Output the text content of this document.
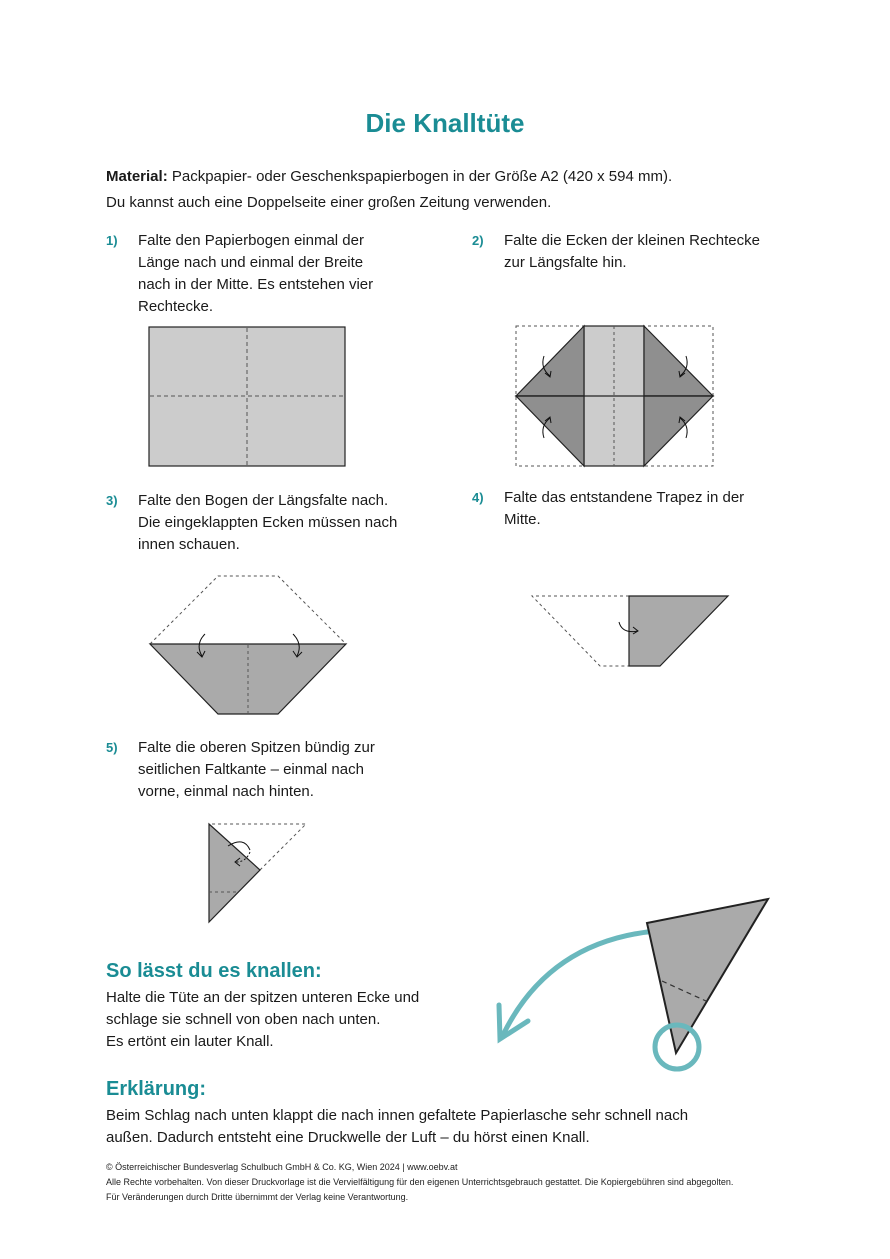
Die Knalltüte
Material: Packpapier- oder Geschenkspapierbogen in der Größe A2 (420 x 594 mm).
Du kannst auch eine Doppelseite einer großen Zeitung verwenden.
1) Falte den Papierbogen einmal der
Länge nach und einmal der Breite
nach in der Mitte. Es entstehen vier
Rechtecke.
2) Falte die Ecken der kleinen Rechtecke
zur Längsfalte hin.
3) Falte den Bogen der Längsfalte nach.
Die eingeklappten Ecken müssen nach
innen schauen.
4) Falte das entstandene Trapez in der
Mitte.
5) Falte die oberen Spitzen bündig zur
seitlichen Faltkante – einmal nach
vorne, einmal nach hinten.
So lässt du es knallen:
Halte die Tüte an der spitzen unteren Ecke und
schlage sie schnell von oben nach unten.
Es ertönt ein lauter Knall.
Erklärung:
Beim Schlag nach unten klappt die nach innen gefaltete Papierlasche sehr schnell nach
außen. Dadurch entsteht eine Druckwelle der Luft – du hörst einen Knall.
© Österreichischer Bundesverlag Schulbuch GmbH & Co. KG, Wien 2024 | www.oebv.at
Alle Rechte vorbehalten. Von dieser Druckvorlage ist die Vervielfältigung für den eigenen Unterrichtsgebrauch gestattet. Die Kopiergebühren sind abgegolten.
Für Veränderungen durch Dritte übernimmt der Verlag keine Verantwortung.
